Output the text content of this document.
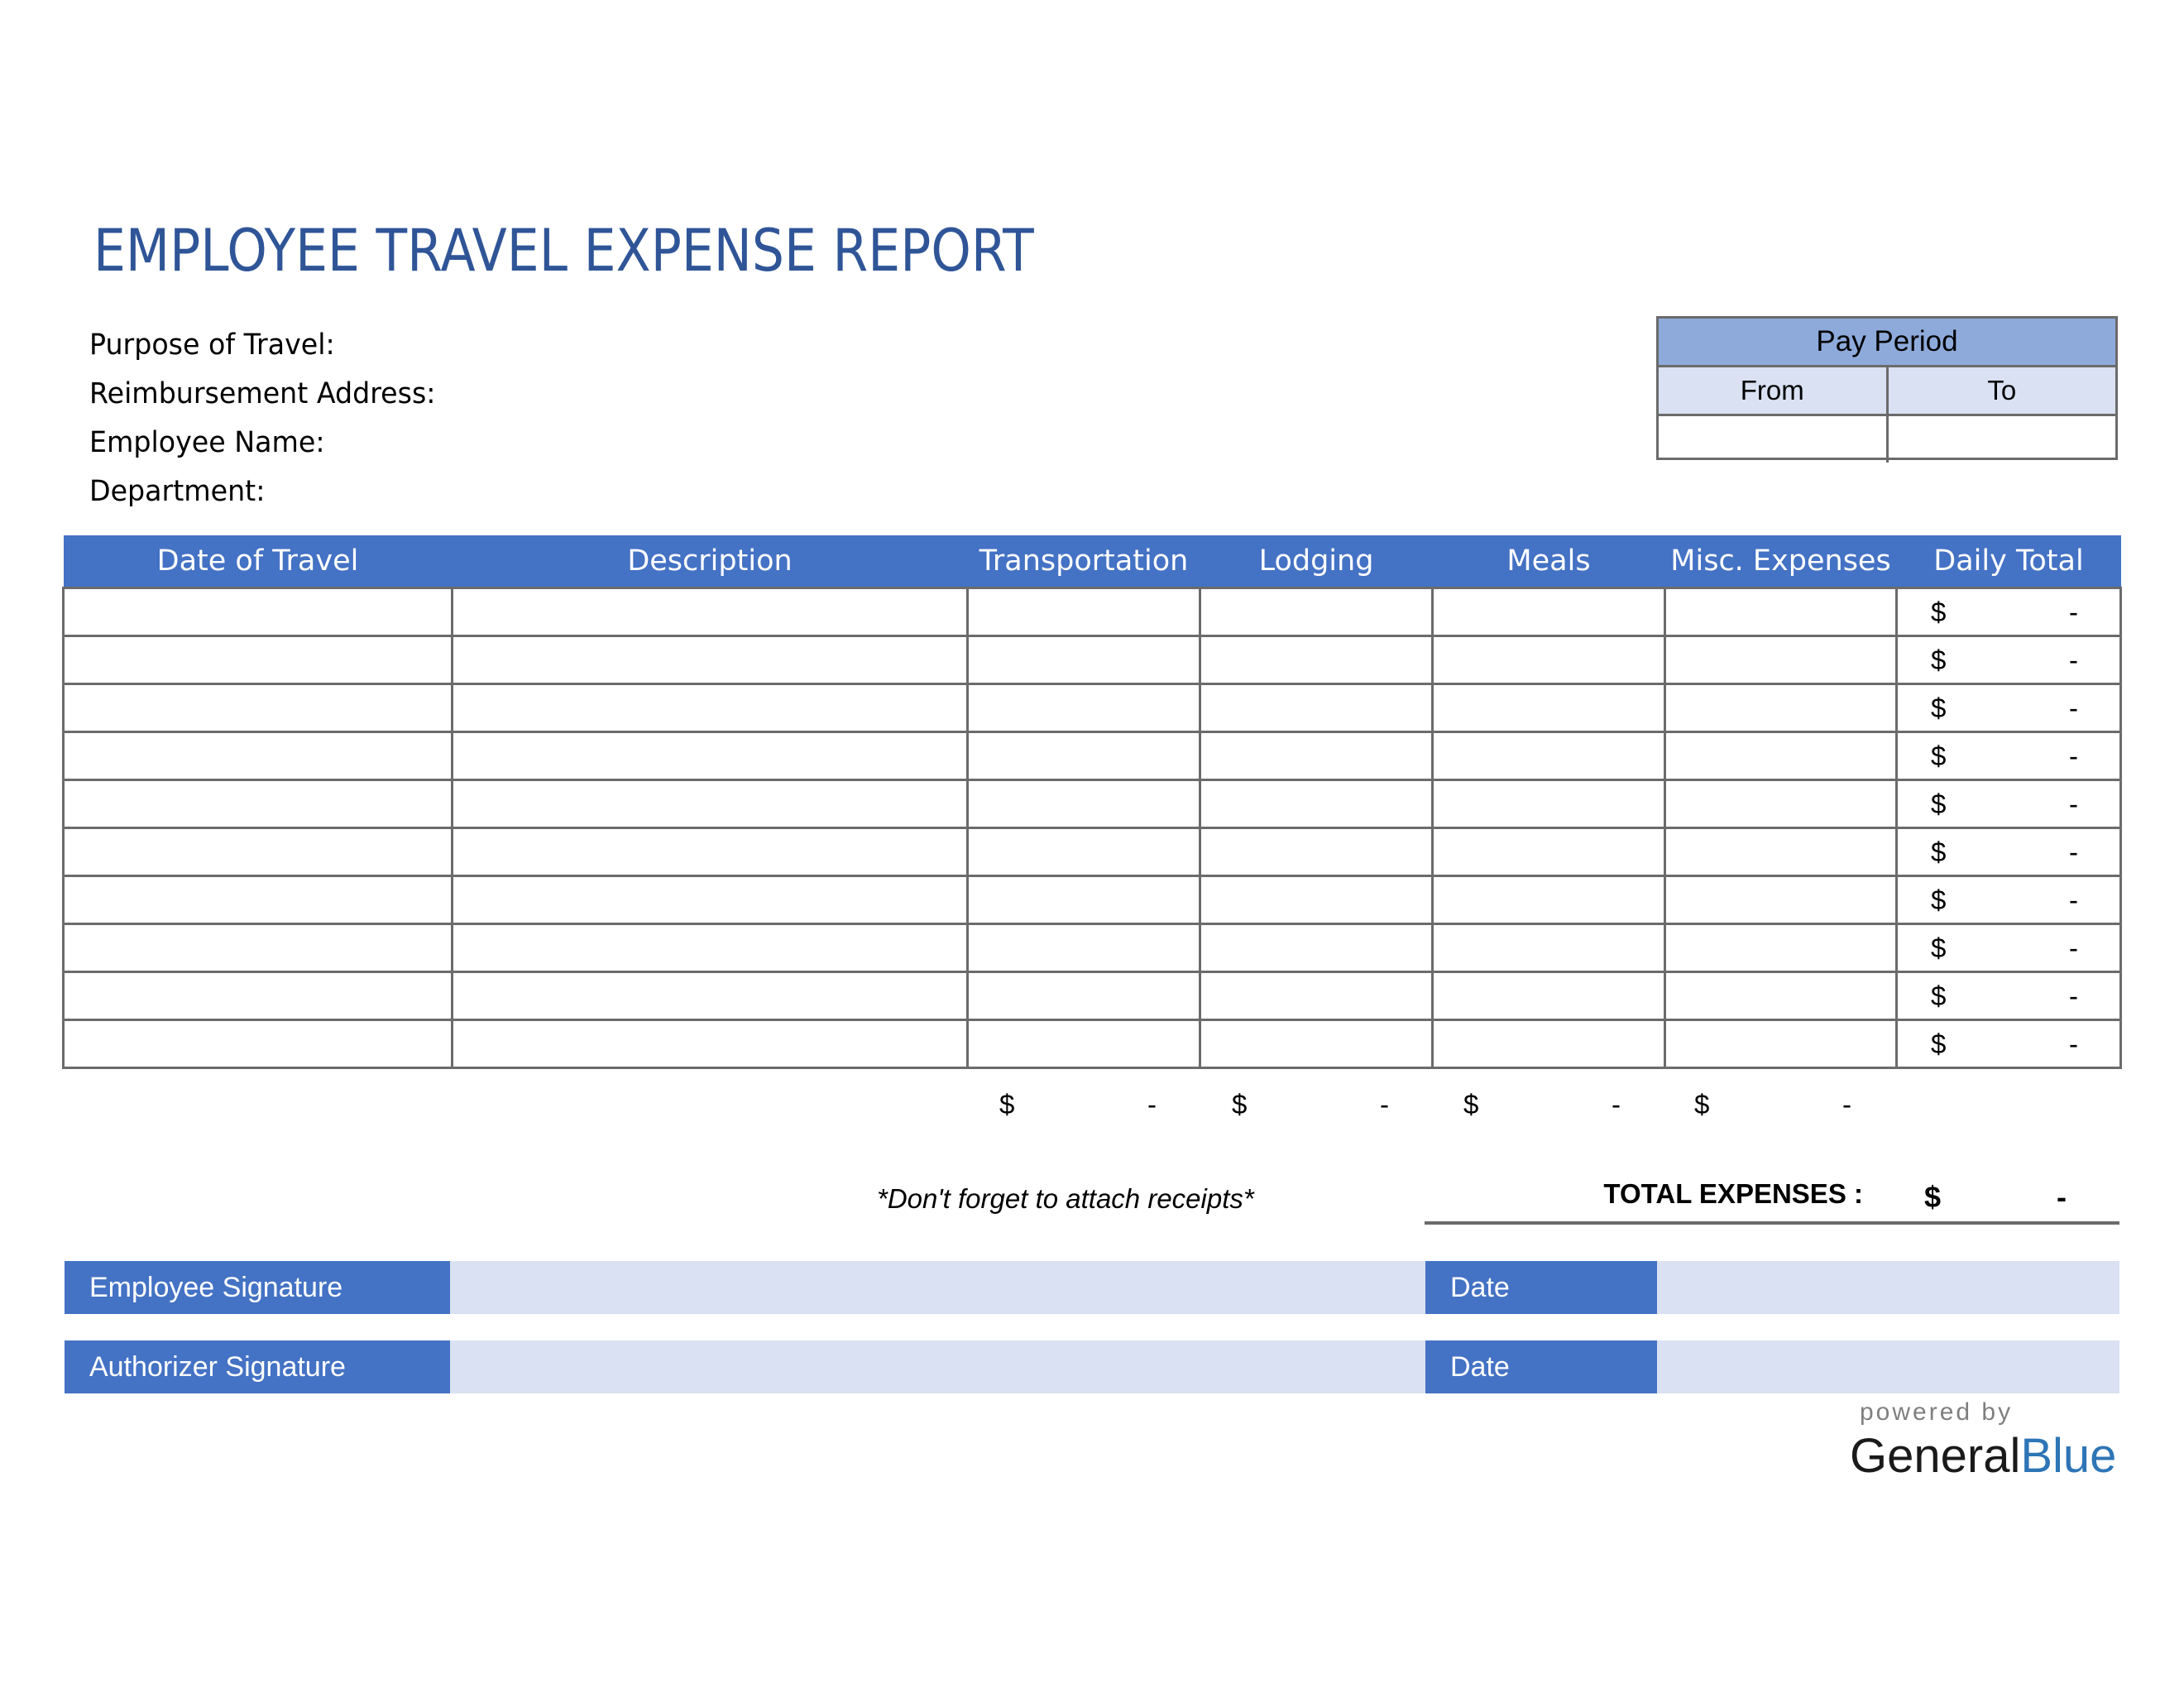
EMPLOYEE TRAVEL EXPENSE REPORT
Purpose of Travel:
Reimbursement Address:
Employee Name:
Department:
Pay Period
From	To
Date of Travel	Description	Transportation	Lodging	Meals	Misc. Expenses	Daily Total

						$ -

						$ -

						$ -

						$ -

						$ -

						$ -

						$ -

						$ -

						$ -

						$ -
$	-	$	-	$	-	$	-
*Don't forget to attach receipts*	TOTAL EXPENSES : $	-
Employee Signature	Date
Authorizer Signature	Date
powered by
GeneralBlue
